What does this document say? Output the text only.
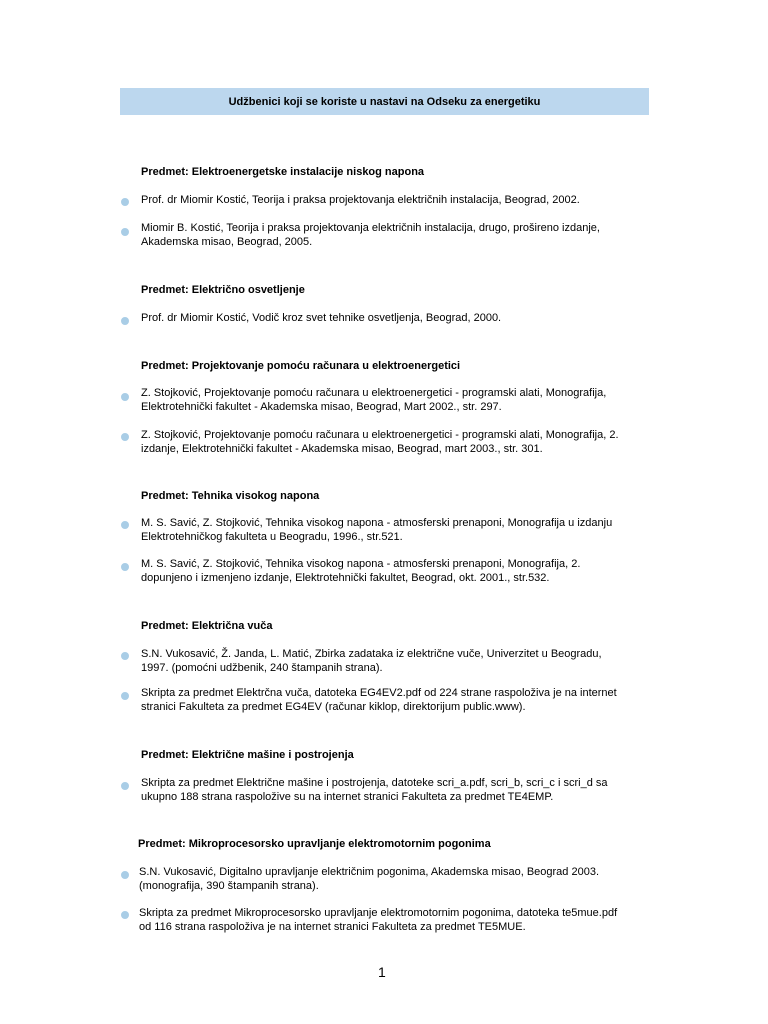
Udžbenici koji se koriste u nastavi na Odseku za energetiku
Predmet: Elektroenergetske instalacije niskog napona
Prof. dr Miomir Kostić, Teorija i praksa projektovanja električnih instalacija, Beograd, 2002.
Miomir B. Kostić, Teorija i praksa projektovanja električnih instalacija, drugo, prošireno izdanje,
Akademska misao, Beograd, 2005.
Predmet: Električno osvetljenje
Prof. dr Miomir Kostić, Vodič kroz svet tehnike osvetljenja, Beograd, 2000.
Predmet: Projektovanje pomoću računara u elektroenergetici
Z. Stojković, Projektovanje pomoću računara u elektroenergetici - programski alati, Monografija,
Elektrotehnički fakultet - Akademska misao, Beograd, Mart 2002., str. 297.
Z. Stojković, Projektovanje pomoću računara u elektroenergetici - programski alati, Monografija, 2.
izdanje, Elektrotehnički fakultet - Akademska misao, Beograd, mart 2003., str. 301.
Predmet: Tehnika visokog napona
M. S. Savić, Z. Stojković, Tehnika visokog napona - atmosferski prenaponi, Monografija u izdanju
Elektrotehničkog fakulteta u Beogradu, 1996., str.521.
M. S. Savić, Z. Stojković, Tehnika visokog napona - atmosferski prenaponi, Monografija, 2.
dopunjeno i izmenjeno izdanje, Elektrotehnički fakultet, Beograd, okt. 2001., str.532.
Predmet: Električna vuča
S.N. Vukosavić, Ž. Janda, L. Matić, Zbirka zadataka iz električne vuče, Univerzitet u Beogradu,
1997. (pomoćni udžbenik, 240 štampanih strana).
Skripta za predmet Elektrčna vuča, datoteka EG4EV2.pdf od 224 strane raspoloživa je na internet
stranici Fakulteta za predmet EG4EV (računar kiklop, direktorijum public.www).
Predmet: Električne mašine i postrojenja
Skripta za predmet Električne mašine i postrojenja, datoteke scri_a.pdf, scri_b, scri_c i scri_d sa
ukupno 188 strana raspoložive su na internet stranici Fakulteta za predmet TE4EMP.
Predmet: Mikroprocesorsko upravljanje elektromotornim pogonima
S.N. Vukosavić, Digitalno upravljanje električnim pogonima, Akademska misao, Beograd 2003.
(monografija, 390 štampanih strana).
Skripta za predmet Mikroprocesorsko upravljanje elektromotornim pogonima, datoteka te5mue.pdf
od 116 strana raspoloživa je na internet stranici Fakulteta za predmet TE5MUE.
1
